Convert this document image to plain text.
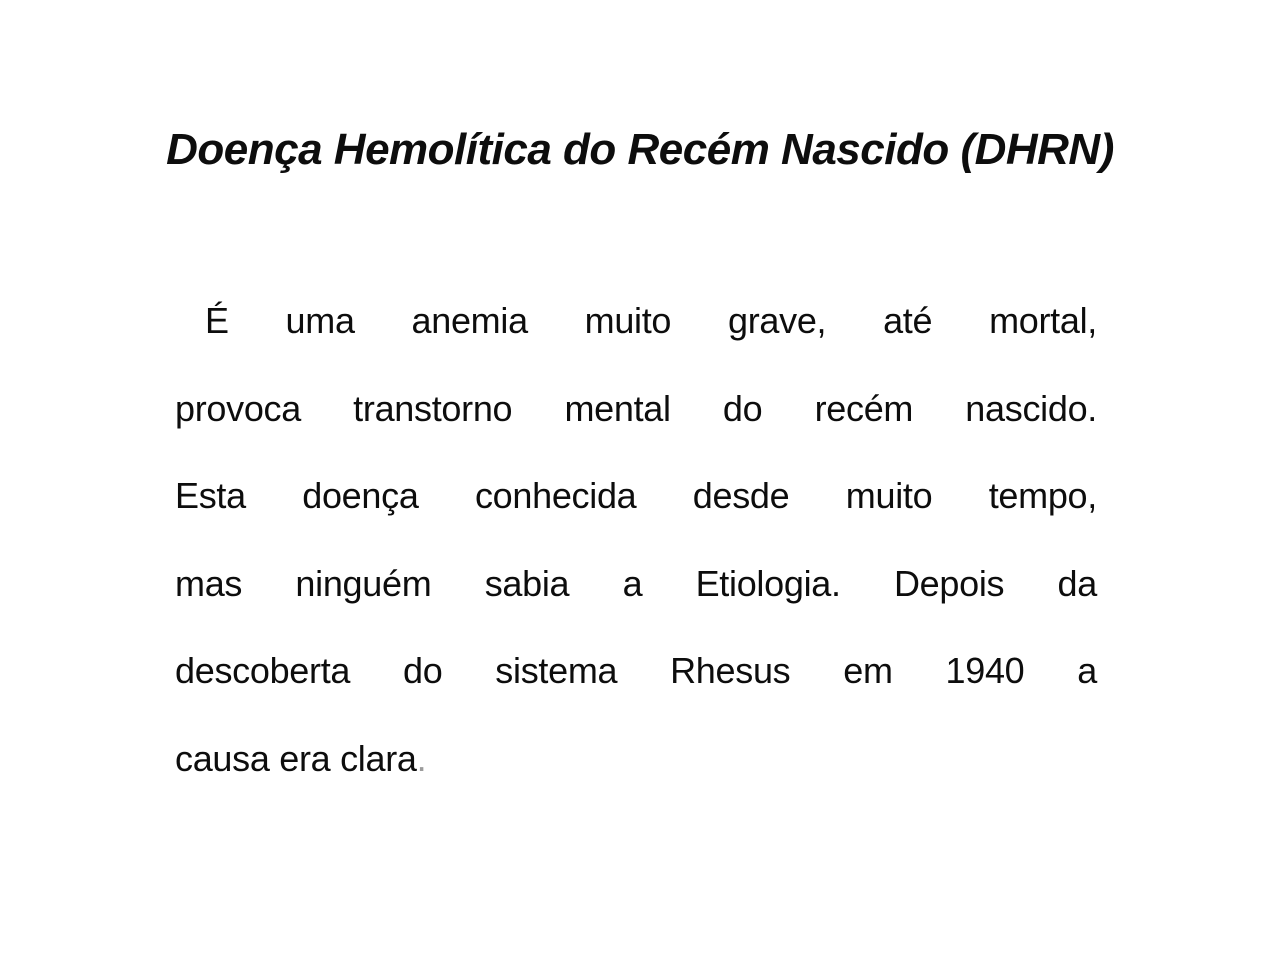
Doença Hemolítica do Recém Nascido (DHRN)
É uma anemia muito grave, até mortal,
provoca transtorno mental do recém nascido.
Esta doença conhecida desde muito tempo,
mas ninguém sabia a Etiologia. Depois da
descoberta do sistema Rhesus em 1940 a
causa era clara.
